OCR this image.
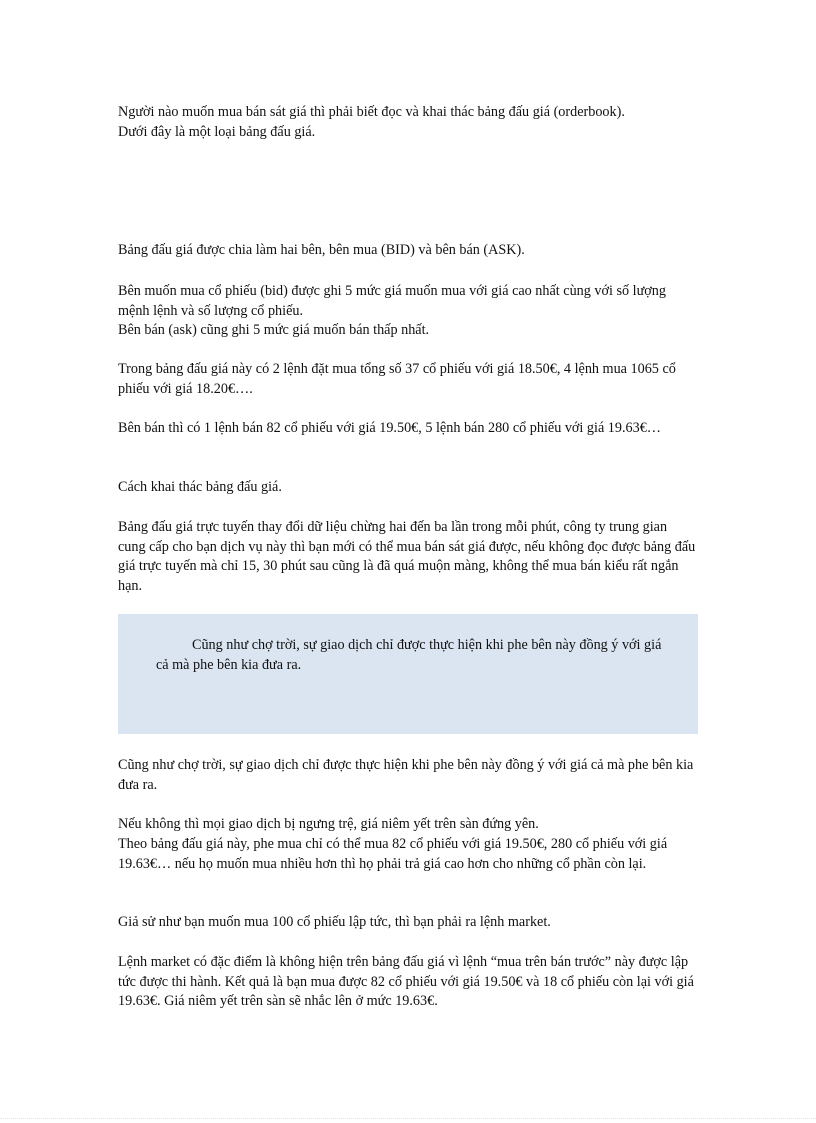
Người nào muốn mua bán sát giá thì phải biết đọc và khai thác bảng đấu giá (orderbook).

Dưới đây là một loại bảng đấu giá.

Bảng đấu giá được chia làm hai bên, bên mua (BID) và bên bán (ASK).

Bên muốn mua cổ phiếu (bid) được ghi 5 mức giá muốn mua với giá cao nhất cùng với số lượng mệnh lệnh và số lượng cổ phiếu.

Bên bán (ask) cũng ghi 5 mức giá muốn bán thấp nhất.

Trong bảng đấu giá này có 2 lệnh đặt mua tổng số 37 cổ phiếu với giá 18.50€, 4 lệnh mua 1065 cổ phiếu với giá 18.20€….

Bên bán thì có 1 lệnh bán 82 cổ phiếu với giá 19.50€, 5 lệnh bán 280 cổ phiếu với giá 19.63€…

Cách khai thác bảng đấu giá.

Bảng đấu giá trực tuyến thay đổi dữ liệu chừng hai đến ba lần trong mỗi phút, công ty trung gian cung cấp cho bạn dịch vụ này thì bạn mới có thể mua bán sát giá được, nếu không đọc được bảng đấu giá trực tuyến mà chỉ 15, 30 phút sau cũng là đã quá muộn màng, không thể mua bán kiểu rất ngắn hạn.

Cũng như chợ trời, sự giao dịch chỉ được thực hiện khi phe bên này đồng ý với giá cả mà phe bên kia đưa ra.

Cũng như chợ trời, sự giao dịch chỉ được thực hiện khi phe bên này đồng ý với giá cả mà phe bên kia đưa ra.

Nếu không thì mọi giao dịch bị ngưng trệ, giá niêm yết trên sàn đứng yên.

Theo bảng đấu giá này, phe mua chỉ có thể mua 82 cổ phiếu với giá 19.50€, 280 cổ phiếu với giá 19.63€… nếu họ muốn mua nhiều hơn thì họ phải trả giá cao hơn cho những cổ phần còn lại.

Giả sử như bạn muốn mua 100 cổ phiếu lập tức, thì bạn phải ra lệnh market.

Lệnh market có đặc điểm là không hiện trên bảng đấu giá vì lệnh “mua trên bán trước” này được lập tức được thi hành. Kết quả là bạn mua được 82 cổ phiếu với giá 19.50€ và 18 cổ phiếu còn lại với giá 19.63€. Giá niêm yết trên sàn sẽ nhắc lên ở mức 19.63€.
